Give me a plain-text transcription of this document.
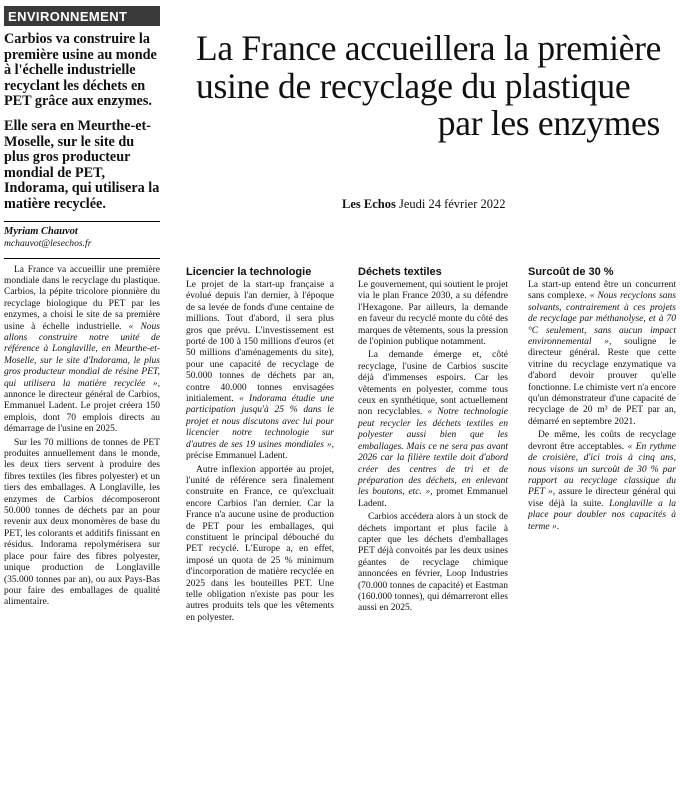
ENVIRONNEMENT

Carbios va construire la première usine au monde à l'échelle industrielle recyclant les déchets en PET grâce aux enzymes.

Elle sera en Meurthe-et-Moselle, sur le site du plus gros producteur mondial de PET, Indorama, qui utilisera la matière recyclée.

Myriam Chauvot
mchauvot@lesechos.fr

La France va accueillir une première mondiale dans le recyclage du plastique. Carbios, la pépite tricolore pionnière du recyclage biologique du PET par les enzymes, a choisi le site de sa première usine à échelle industrielle. « Nous allons construire notre unité de référence à Longlaville, en Meurthe-et-Moselle, sur le site d'Indorama, le plus gros producteur mondial de résine PET, qui utilisera la matière recyclée », annonce le directeur général de Carbios, Emmanuel Ladent. Le projet créera 150 emplois, dont 70 emplois directs au démarrage de l'usine en 2025.

Sur les 70 millions de tonnes de PET produites annuellement dans le monde, les deux tiers servent à produire des fibres textiles (les fibres polyester) et un tiers des emballages. A Longlaville, les enzymes de Carbios décomposeront 50.000 tonnes de déchets par an pour revenir aux deux monomères de base du PET, les colorants et additifs finissant en résidus. Indorama repolymérisera sur place pour faire des fibres polyester, unique production de Longlaville (35.000 tonnes par an), ou aux Pays-Bas pour faire des emballages de qualité alimentaire.

La France accueillera la première
usine de recyclage du plastique
par les enzymes
Les Echos Jeudi 24 février 2022
Licencier la technologie

Le projet de la start-up française a évolué depuis l'an dernier, à l'époque de sa levée de fonds d'une centaine de millions. Tout d'abord, il sera plus gros que prévu. L'investissement est porté de 100 à 150 millions d'euros (et 50 millions d'aménagements du site), pour une capacité de recyclage de 50.000 tonnes de déchets par an, contre 40.000 tonnes envisagées initialement. « Indorama étudie une participation jusqu'à 25 % dans le projet et nous discutons avec lui pour licencier notre technologie sur d'autres de ses 19 usines mondiales », précise Emmanuel Ladent.

Autre inflexion apportée au projet, l'unité de référence sera finalement construite en France, ce qu'excluait encore Carbios l'an dernier. Car la France n'a aucune usine de production de PET pour les emballages, qui constituent le principal débouché du PET recyclé. L'Europe a, en effet, imposé un quota de 25 % minimum d'incorporation de matière recyclée en 2025 dans les bouteilles PET. Une telle obligation n'existe pas pour les autres produits tels que les vêtements en polyester.

Déchets textiles

Le gouvernement, qui soutient le projet via le plan France 2030, a su défendre l'Hexagone. Par ailleurs, la demande en faveur du recyclé monte du côté des marques de vêtements, sous la pression de l'opinion publique notamment.

La demande émerge et, côté recyclage, l'usine de Carbios suscite déjà d'immenses espoirs. Car les vêtements en polyester, comme tous ceux en synthétique, sont actuellement non recyclables. « Notre technologie peut recycler les déchets textiles en polyester aussi bien que les emballages. Mais ce ne sera pas avant 2026 car la filière textile doit d'abord créer des centres de tri et de préparation des déchets, en enlevant les boutons, etc. », promet Emmanuel Ladent.

Carbios accédera alors à un stock de déchets important et plus facile à capter que les déchets d'emballages PET déjà convoités par les deux usines géantes de recyclage chimique annoncées en février, Loop Industries (70.000 tonnes de capacité) et Eastman (160.000 tonnes), qui démarreront elles aussi en 2025.

Surcoût de 30 %

La start-up entend être un concurrent sans complexe. « Nous recyclons sans solvants, contrairement à ces projets de recyclage par méthanolyse, et à 70 °C seulement, sans aucun impact environnemental », souligne le directeur général. Reste que cette vitrine du recyclage enzymatique va d'abord devoir prouver qu'elle fonctionne. Le chimiste vert n'a encore qu'un démonstrateur d'une capacité de recyclage de 20 m³ de PET par an, démarré en septembre 2021.

De même, les coûts de recyclage devront être acceptables. « En rythme de croisière, d'ici trois à cinq ans, nous visons un surcoût de 30 % par rapport au recyclage classique du PET », assure le directeur général qui vise déjà la suite. Longlaville a la place pour doubler nos capacités à terme ».
